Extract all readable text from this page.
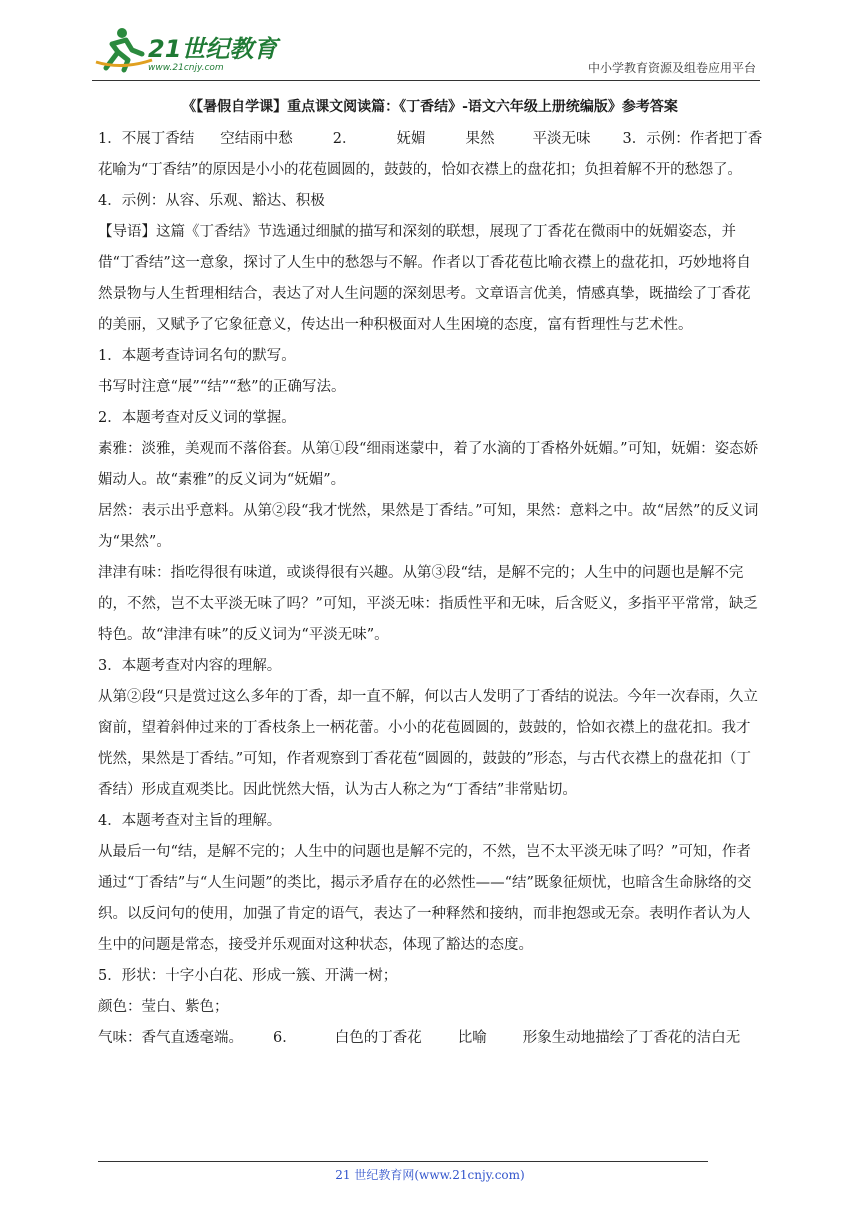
21世纪教育
www.21cnjy.com	中小学教育资源及组卷应用平台
《【暑假自学课】重点课文阅读篇：《丁香结》-语文六年级上册统编版》参考答案

1．不展丁香结 空结雨中愁	2．	妩媚	果然	平淡无味 3．示例：作者把丁香

花喻为“丁香结”的原因是小小的花苞圆圆的，鼓鼓的，恰如衣襟上的盘花扣；负担着解不开的愁怨了。

4．示例：从容、乐观、豁达、积极

【导语】这篇《丁香结》节选通过细腻的描写和深刻的联想，展现了丁香花在微雨中的妩媚姿态，并借“丁香结”这一意象，探讨了人生中的愁怨与不解。作者以丁香花苞比喻衣襟上的盘花扣，巧妙地将自然景物与人生哲理相结合，表达了对人生问题的深刻思考。文章语言优美，情感真挚，既描绘了丁香花的美丽，又赋予了它象征意义，传达出一种积极面对人生困境的态度，富有哲理性与艺术性。

1．本题考查诗词名句的默写。

书写时注意“展”“结”“愁”的正确写法。

2．本题考查对反义词的掌握。

素雅：淡雅，美观而不落俗套。从第①段“细雨迷蒙中，着了水滴的丁香格外妩媚。”可知，妩媚：姿态娇媚动人。故“素雅”的反义词为“妩媚”。

居然：表示出乎意料。从第②段“我才恍然，果然是丁香结。”可知，果然：意料之中。故“居然”的反义词为“果然”。

津津有味：指吃得很有味道，或谈得很有兴趣。从第③段“结，是解不完的；人生中的问题也是解不完的，不然，岂不太平淡无味了吗？”可知，平淡无味：指质性平和无味，后含贬义，多指平平常常，缺乏特色。故“津津有味”的反义词为“平淡无味”。

3．本题考查对内容的理解。

从第②段“只是赏过这么多年的丁香，却一直不解，何以古人发明了丁香结的说法。今年一次春雨，久立窗前，望着斜伸过来的丁香枝条上一柄花蕾。小小的花苞圆圆的，鼓鼓的，恰如衣襟上的盘花扣。我才恍然，果然是丁香结。”可知，作者观察到丁香花苞“圆圆的，鼓鼓的”形态，与古代衣襟上的盘花扣（丁香结）形成直观类比。因此恍然大悟，认为古人称之为“丁香结”非常贴切。

4．本题考查对主旨的理解。

从最后一句“结，是解不完的；人生中的问题也是解不完的，不然，岂不太平淡无味了吗？”可知，作者通过“丁香结”与“人生问题”的类比，揭示矛盾存在的必然性——“结”既象征烦忧，也暗含生命脉络的交织。以反问句的使用，加强了肯定的语气，表达了一种释然和接纳，而非抱怨或无奈。表明作者认为人生中的问题是常态，接受并乐观面对这种状态，体现了豁达的态度。

5．形状：十字小白花、形成一簇、开满一树；

颜色：莹白、紫色；

气味：香气直透毫端。 6．	白色的丁香花 比喻 形象生动地描绘了丁香花的洁白无

21 世纪教育网(www.21cnjy.com)
